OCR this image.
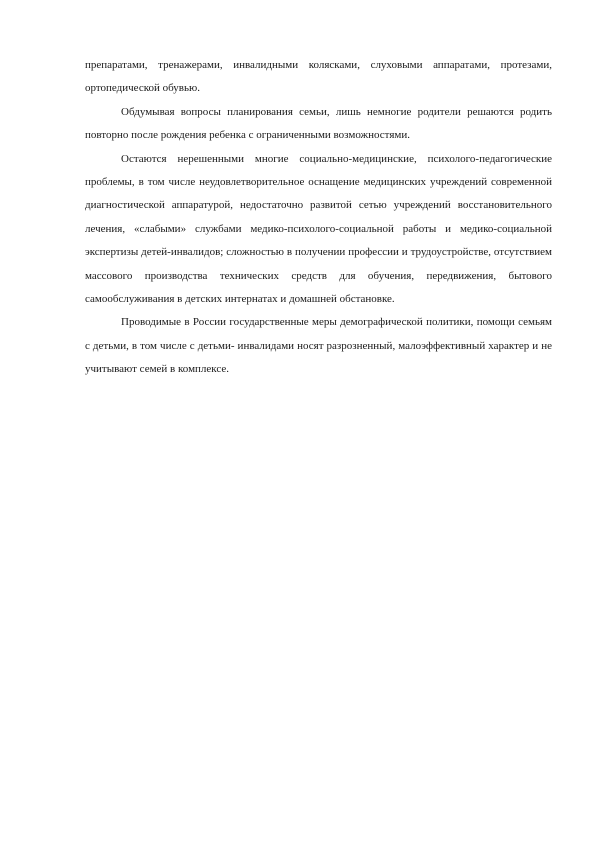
препаратами, тренажерами, инвалидными колясками, слуховыми аппаратами, протезами, ортопедической обувью.

Обдумывая вопросы планирования семьи, лишь немногие родители решаются родить повторно после рождения ребенка с ограниченными возможностями.

Остаются нерешенными многие социально-медицинские, психолого-педагогические проблемы, в том числе неудовлетворительное оснащение медицинских учреждений современной диагностической аппаратурой, недостаточно развитой сетью учреждений восстановительного лечения, «слабыми» службами медико-психолого-социальной работы и медико-социальной экспертизы детей-инвалидов; сложностью в получении профессии и трудоустройстве, отсутствием массового производства технических средств для обучения, передвижения, бытового самообслуживания в детских интернатах и домашней обстановке.

Проводимые в России государственные меры демографической политики, помощи семьям с детьми, в том числе с детьми- инвалидами носят разрозненный, малоэффективный характер и не учитывают семей в комплексе.
